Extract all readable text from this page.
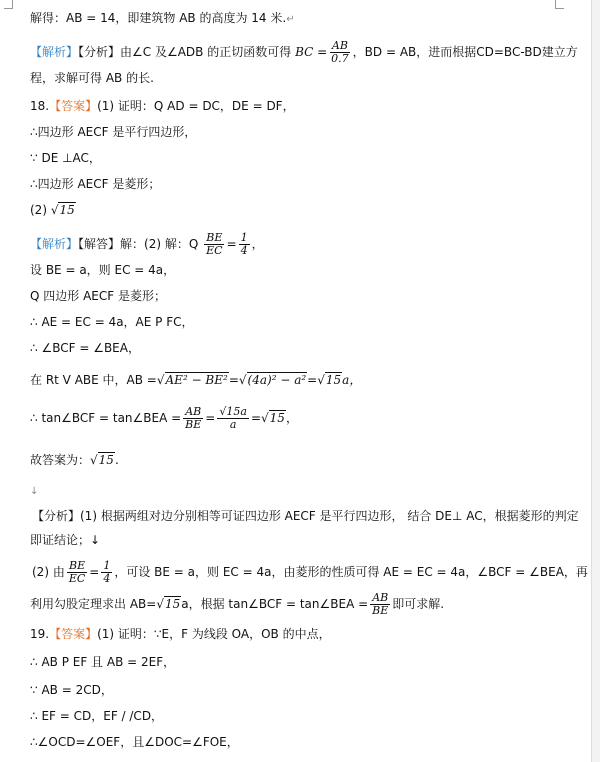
解得：AB = 14，即建筑物 AB 的高度为 14 米.↵
【解析】【分析】由∠C 及∠ADB 的正切函数可得 BC = $\frac{AB}{0.7}$ ，BD = AB，进而根据CD=BC-BD建立方
程，求解可得 AB 的长.
18.【答案】(1) 证明：Q AD = DC，DE = DF，
∴四边形 AECF 是平行四边形，
∵ DE ⊥AC，
∴四边形 AECF 是菱形；
(2) √15
【解析】【解答】解：(2) 解：Q $\frac{BE}{EC} = \frac{1}{4}$ ，
设 BE = a，则 EC = 4a，
Q 四边形 AECF 是菱形；
∴ AE = EC = 4a，AE P FC，
∴ ∠BCF = ∠BEA，
在 Rt V ABE 中，AB =√AE² − BE²=√(4a)² − a²=√15a，
∴ tan∠BCF = tan∠BEA = $\frac{AB}{BE} = \frac{√15a}{a} =√15$，
故答案为：√15.
↓
【分析】(1) 根据两组对边分别相等可证四边形 AECF 是平行四边形， 结合 DE⊥ AC，根据菱形的判定
即证结论；↓
(2) 由 $\frac{BE}{EC} = \frac{1}{4}$ ，可设 BE = a，则 EC = 4a，由菱形的性质可得 AE = EC = 4a，∠BCF = ∠BEA，再
利用勾股定理求出 AB=√15a，根据 tan∠BCF = tan∠BEA = $\frac{AB}{BE}$ 即可求解.
19.【答案】(1) 证明：∵E，F 为线段 OA，OB 的中点，
∴ AB P EF 且 AB = 2EF，
∵ AB = 2CD，
∴ EF = CD，EF / /CD，
∴∠OCD=∠OEF，且∠DOC=∠FOE，
